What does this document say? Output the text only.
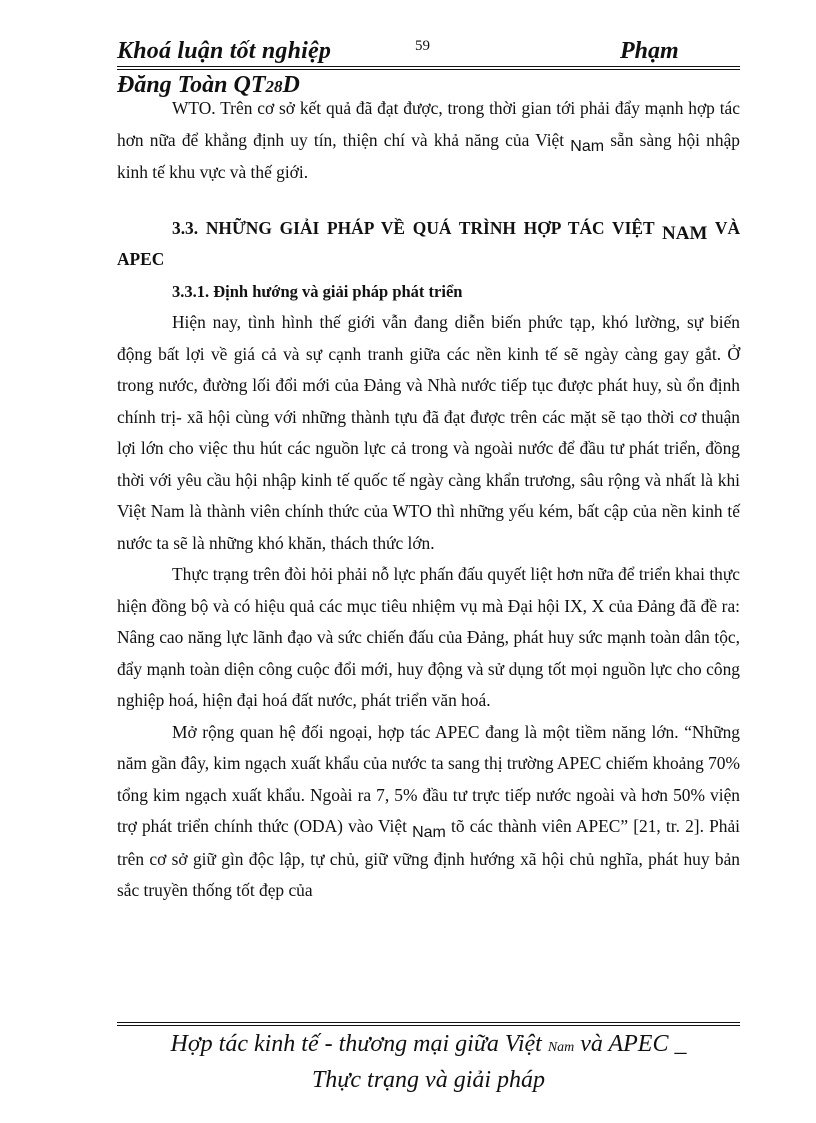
Khoá luận tốt nghiệp	59	Phạm
Đăng Toàn QT28D

WTO. Trên cơ sở kết quả đã đạt được, trong thời gian tới phải đẩy mạnh hợp tác hơn nữa để khẳng định uy tín, thiện chí và khả năng của Việt Nam sẵn sàng hội nhập kinh tế khu vực và thế giới.

3.3. NHỮNG GIẢI PHÁP VỀ QUÁ TRÌNH HỢP TÁC VIỆT NAM VÀ APEC

3.3.1. Định hướng và giải pháp phát triển

Hiện nay, tình hình thế giới vẫn đang diễn biến phức tạp, khó lường, sự biến động bất lợi về giá cả và sự cạnh tranh giữa các nền kinh tế sẽ ngày càng gay gắt. Ở trong nước, đường lối đổi mới của Đảng và Nhà nước tiếp tục được phát huy, sù ổn định chính trị- xã hội cùng với những thành tựu đã đạt được trên các mặt sẽ tạo thời cơ thuận lợi lớn cho việc thu hút các nguồn lực cả trong và ngoài nước để đầu tư phát triển, đồng thời với yêu cầu hội nhập kinh tế quốc tế ngày càng khẩn trương, sâu rộng và nhất là khi Việt Nam là thành viên chính thức của WTO thì những yếu kém, bất cập của nền kinh tế nước ta sẽ là những khó khăn, thách thức lớn.

Thực trạng trên đòi hỏi phải nỗ lực phấn đấu quyết liệt hơn nữa để triển khai thực hiện đồng bộ và có hiệu quả các mục tiêu nhiệm vụ mà Đại hội IX, X của Đảng đã đề ra: Nâng cao năng lực lãnh đạo và sức chiến đấu của Đảng, phát huy sức mạnh toàn dân tộc, đẩy mạnh toàn diện công cuộc đổi mới, huy động và sử dụng tốt mọi nguồn lực cho công nghiệp hoá, hiện đại hoá đất nước, phát triển văn hoá.

Mở rộng quan hệ đối ngoại, hợp tác APEC đang là một tiềm năng lớn. “Những năm gần đây, kim ngạch xuất khẩu của nước ta sang thị trường APEC chiếm khoảng 70% tổng kim ngạch xuất khẩu. Ngoài ra 7, 5% đầu tư trực tiếp nước ngoài và hơn 50% viện trợ phát triển chính thức (ODA) vào Việt Nam tõ các thành viên APEC” [21, tr. 2]. Phải trên cơ sở giữ gìn độc lập, tự chủ, giữ vững định hướng xã hội chủ nghĩa, phát huy bản sắc truyền thống tốt đẹp của

Hợp tác kinh tế - thương mại giữa Việt Nam và APEC _
Thực trạng và giải pháp
